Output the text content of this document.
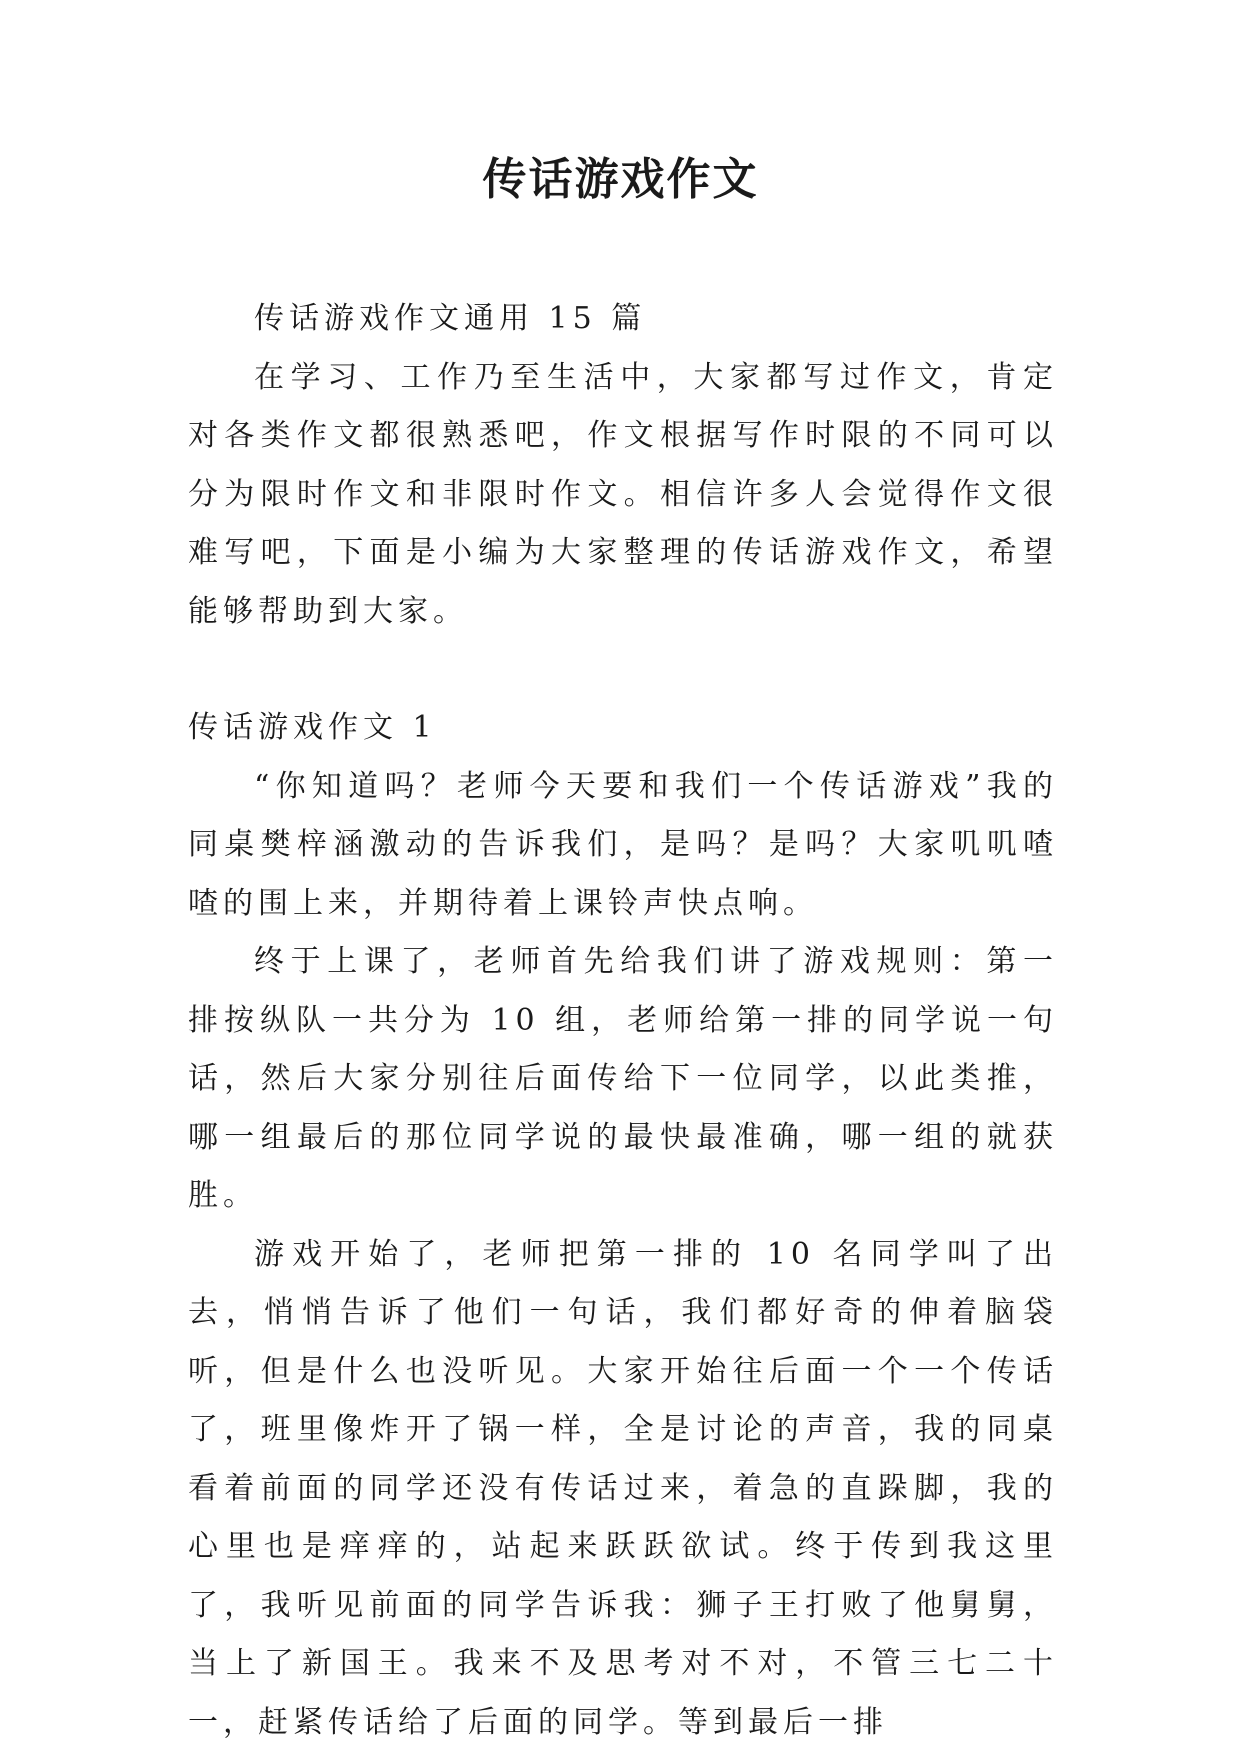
传话游戏作文

传话游戏作文通用 15 篇

在学习、工作乃至生活中，大家都写过作文，肯定对各类作文都很熟悉吧，作文根据写作时限的不同可以分为限时作文和非限时作文。相信许多人会觉得作文很难写吧，下面是小编为大家整理的传话游戏作文，希望能够帮助到大家。

传话游戏作文 1

“你知道吗？老师今天要和我们一个传话游戏”我的同桌樊梓涵激动的告诉我们，是吗？是吗？大家叽叽喳喳的围上来，并期待着上课铃声快点响。

终于上课了，老师首先给我们讲了游戏规则：第一排按纵队一共分为 10 组，老师给第一排的同学说一句话，然后大家分别往后面传给下一位同学，以此类推，哪一组最后的那位同学说的最快最准确，哪一组的就获胜。

游戏开始了，老师把第一排的 10 名同学叫了出去，悄悄告诉了他们一句话，我们都好奇的伸着脑袋听，但是什么也没听见。大家开始往后面一个一个传话了，班里像炸开了锅一样，全是讨论的声音，我的同桌看着前面的同学还没有传话过来，着急的直跺脚，我的心里也是痒痒的，站起来跃跃欲试。终于传到我这里了，我听见前面的同学告诉我：狮子王打败了他舅舅，当上了新国王。我来不及思考对不对，不管三七二十一，赶紧传话给了后面的同学。等到最后一排
